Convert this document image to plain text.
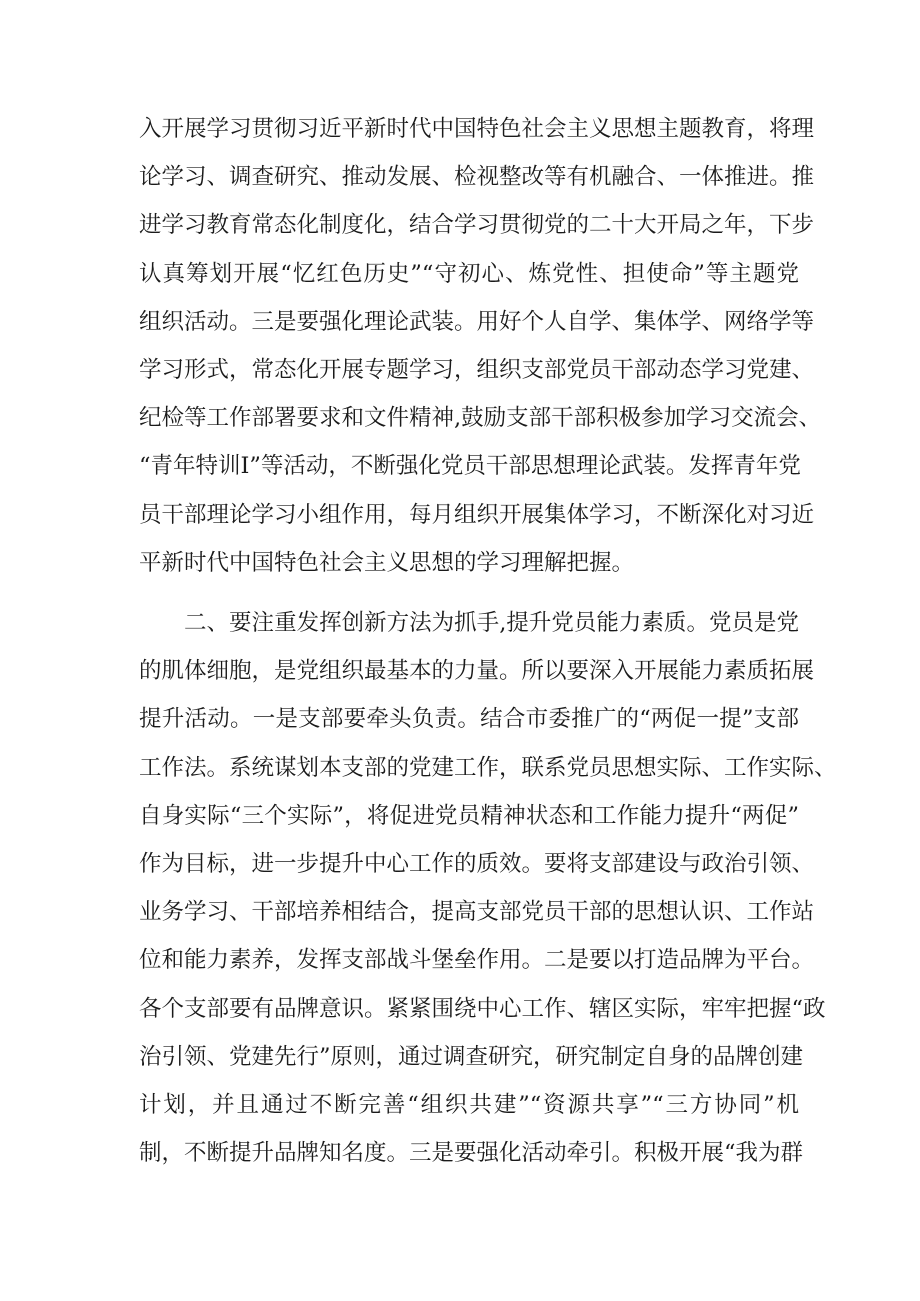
入开展学习贯彻习近平新时代中国特色社会主义思想主题教育，将理
论学习、调查研究、推动发展、检视整改等有机融合、一体推进。推
进学习教育常态化制度化，结合学习贯彻党的二十大开局之年，下步
认真筹划开展“忆红色历史”“守初心、炼党性、担使命”等主题党
组织活动。三是要强化理论武装。用好个人自学、集体学、网络学等
学习形式，常态化开展专题学习，组织支部党员干部动态学习党建、
纪检等工作部署要求和文件精神,鼓励支部干部积极参加学习交流会、
“青年特训Ⅰ”等活动，不断强化党员干部思想理论武装。发挥青年党
员干部理论学习小组作用，每月组织开展集体学习，不断深化对习近
平新时代中国特色社会主义思想的学习理解把握。
　　二、要注重发挥创新方法为抓手,提升党员能力素质。党员是党
的肌体细胞，是党组织最基本的力量。所以要深入开展能力素质拓展
提升活动。一是支部要牵头负责。结合市委推广的“两促一提”支部
工作法。系统谋划本支部的党建工作，联系党员思想实际、工作实际、
自身实际“三个实际”，将促进党员精神状态和工作能力提升“两促”
作为目标，进一步提升中心工作的质效。要将支部建设与政治引领、
业务学习、干部培养相结合，提高支部党员干部的思想认识、工作站
位和能力素养，发挥支部战斗堡垒作用。二是要以打造品牌为平台。
各个支部要有品牌意识。紧紧围绕中心工作、辖区实际，牢牢把握“政
治引领、党建先行”原则，通过调查研究，研究制定自身的品牌创建
计划，并且通过不断完善“组织共建”“资源共享”“三方协同”机
制，不断提升品牌知名度。三是要强化活动牵引。积极开展“我为群
